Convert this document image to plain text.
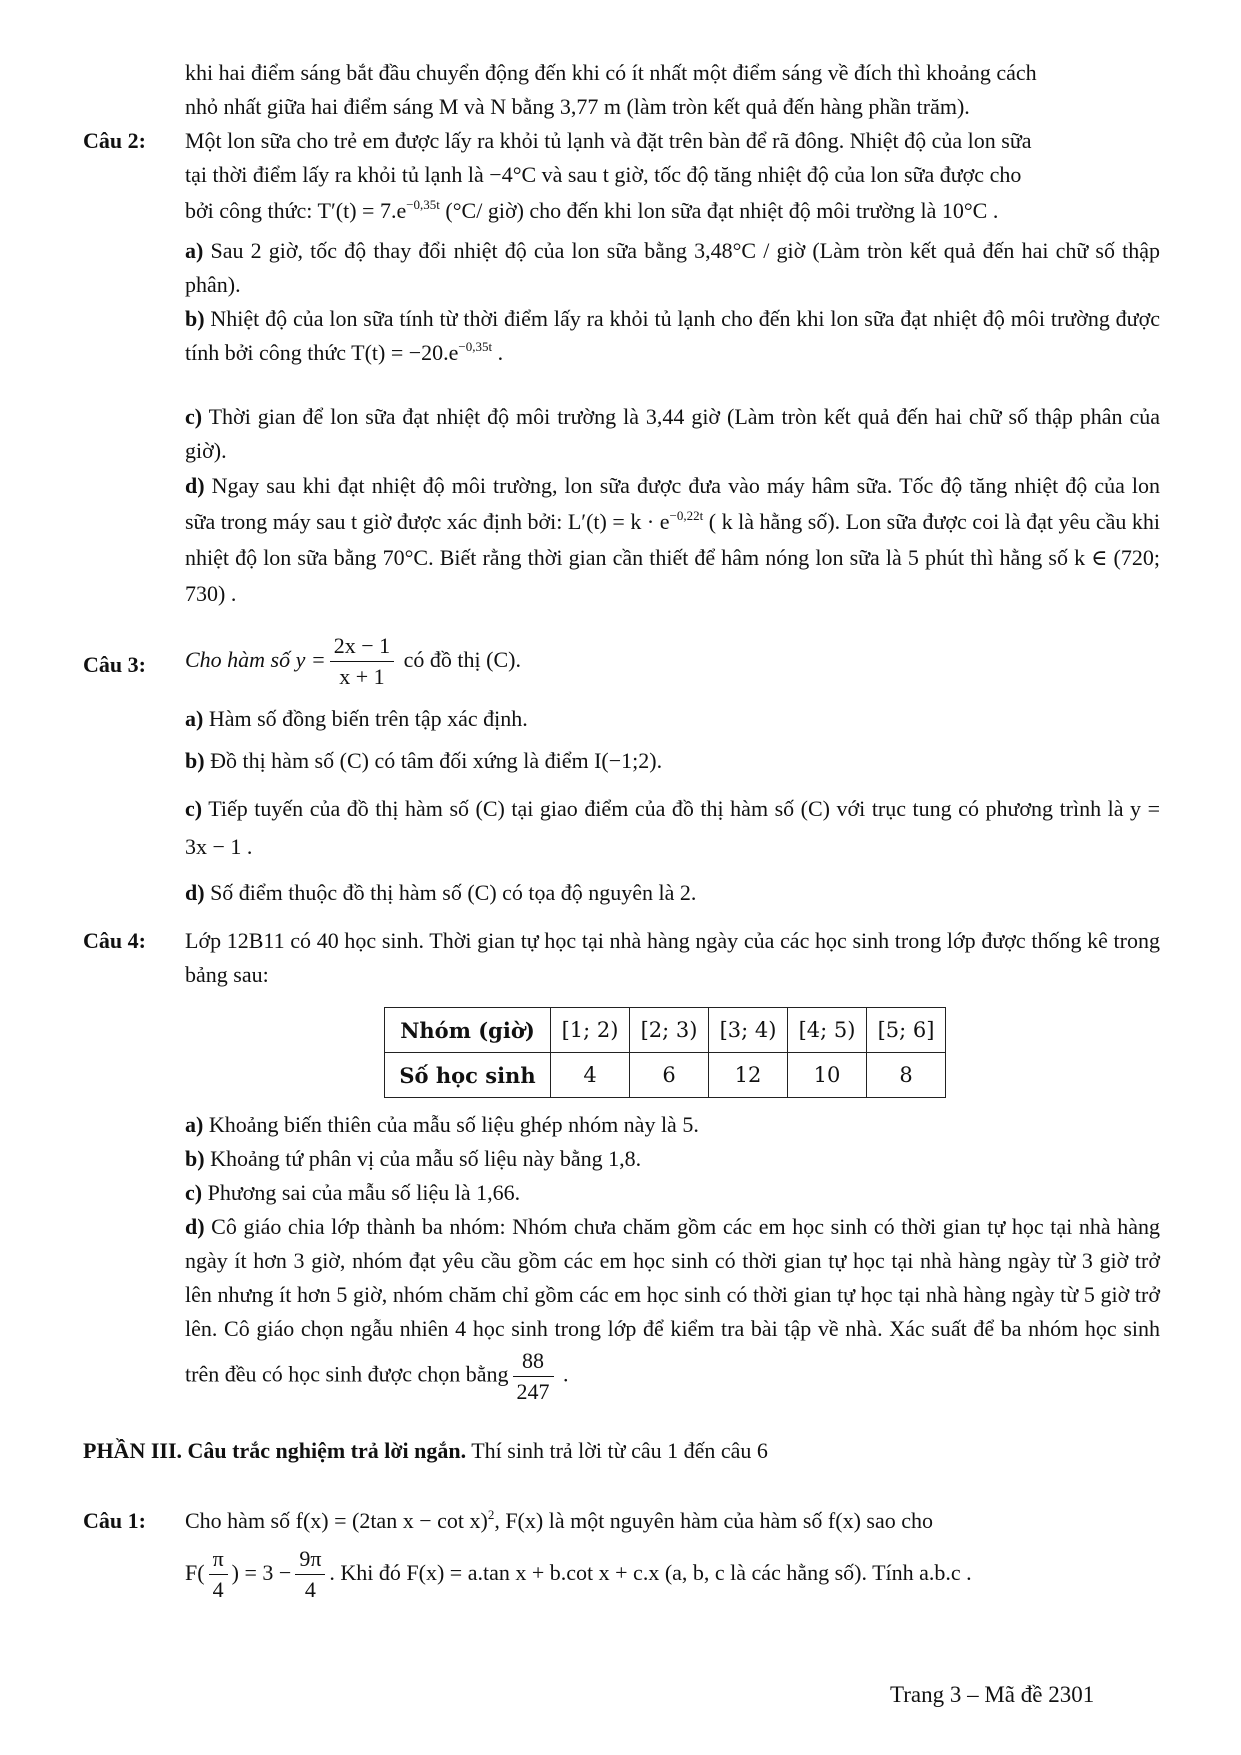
khi hai điểm sáng bắt đầu chuyển động đến khi có ít nhất một điểm sáng về đích thì khoảng cách
nhỏ nhất giữa hai điểm sáng M và N bằng 3,77 m (làm tròn kết quả đến hàng phần trăm).
Câu 2: Một lon sữa cho trẻ em được lấy ra khỏi tủ lạnh và đặt trên bàn để rã đông. Nhiệt độ của lon sữa
tại thời điểm lấy ra khỏi tủ lạnh là −4°C và sau t giờ, tốc độ tăng nhiệt độ của lon sữa được cho
bởi công thức: $T'(t) = 7.e^{-0,35t}$ (°C/ giờ) cho đến khi lon sữa đạt nhiệt độ môi trường là 10°C .
a) Sau 2 giờ, tốc độ thay đổi nhiệt độ của lon sữa bằng 3,48°C / giờ (Làm tròn kết quả đến hai chữ số thập phân).
b) Nhiệt độ của lon sữa tính từ thời điểm lấy ra khỏi tủ lạnh cho đến khi lon sữa đạt nhiệt độ môi trường được tính bởi công thức $T(t) = -20.e^{-0,35t}$ .
c) Thời gian để lon sữa đạt nhiệt độ môi trường là 3,44 giờ (Làm tròn kết quả đến hai chữ số thập phân của giờ).
d) Ngay sau khi đạt nhiệt độ môi trường, lon sữa được đưa vào máy hâm sữa. Tốc độ tăng nhiệt độ của lon sữa trong máy sau t giờ được xác định bởi: $L'(t) = k \cdot e^{-0,22t}$ ( k là hằng số). Lon sữa được coi là đạt yêu cầu khi nhiệt độ lon sữa bằng 70°C. Biết rằng thời gian cần thiết để hâm nóng lon sữa là 5 phút thì hằng số k ∈ (720; 730) .
Câu 3: Cho hàm số $y = \frac{2x - 1}{x + 1}$ có đồ thị (C).
a) Hàm số đồng biến trên tập xác định.
b) Đồ thị hàm số (C) có tâm đối xứng là điểm I(−1;2).
c) Tiếp tuyến của đồ thị hàm số (C) tại giao điểm của đồ thị hàm số (C) với trục tung có phương trình là y = 3x − 1 .
d) Số điểm thuộc đồ thị hàm số (C) có tọa độ nguyên là 2.
Câu 4: Lớp 12B11 có 40 học sinh. Thời gian tự học tại nhà hàng ngày của các học sinh trong lớp được thống kê trong bảng sau:
Nhóm (giờ)	[1; 2)	[2; 3)	[3; 4)	[4; 5)	[5; 6]
Số học sinh	4	6	12	10	8
a) Khoảng biến thiên của mẫu số liệu ghép nhóm này là 5.
b) Khoảng tứ phân vị của mẫu số liệu này bằng 1,8.
c) Phương sai của mẫu số liệu là 1,66.
d) Cô giáo chia lớp thành ba nhóm: Nhóm chưa chăm gồm các em học sinh có thời gian tự học tại nhà hàng ngày ít hơn 3 giờ, nhóm đạt yêu cầu gồm các em học sinh có thời gian tự học tại nhà hàng ngày từ 3 giờ trở lên nhưng ít hơn 5 giờ, nhóm chăm chỉ gồm các em học sinh có thời gian tự học tại nhà hàng ngày từ 5 giờ trở lên. Cô giáo chọn ngẫu nhiên 4 học sinh trong lớp để kiểm tra bài tập về nhà. Xác suất để ba nhóm học sinh trên đều có học sinh được chọn bằng $\frac{88}{247}$ .
PHẦN III. Câu trắc nghiệm trả lời ngắn. Thí sinh trả lời từ câu 1 đến câu 6
Câu 1: Cho hàm số f(x) = (2tan x − cot x)$^2$, F(x) là một nguyên hàm của hàm số f(x) sao cho
$F( \frac{\pi}{4}$ ) = $3 - \frac{9\pi}{4}$ . Khi đó F(x) = a.tan x + b.cot x + c.x (a, b, c là các hằng số). Tính a.b.c .
Trang 3 – Mã đề 2301
